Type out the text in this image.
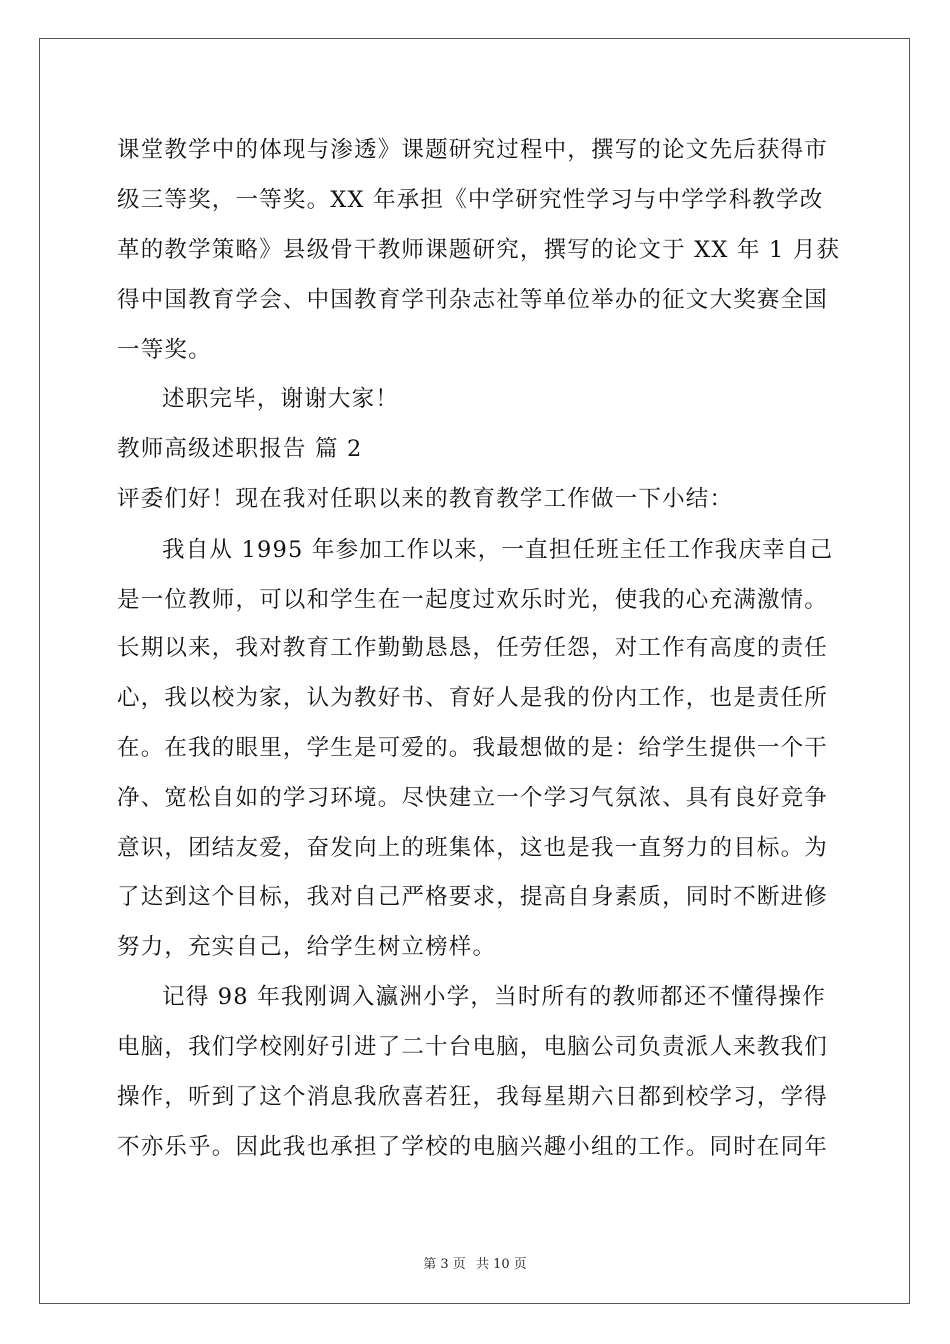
课堂教学中的体现与渗透》课题研究过程中，撰写的论文先后获得市
级三等奖，一等奖。XX 年承担《中学研究性学习与中学学科教学改
革的教学策略》县级骨干教师课题研究，撰写的论文于 XX 年 1 月获
得中国教育学会、中国教育学刊杂志社等单位举办的征文大奖赛全国
一等奖。
述职完毕，谢谢大家！
教师高级述职报告 篇 2
评委们好！现在我对任职以来的教育教学工作做一下小结：
我自从 1995 年参加工作以来，一直担任班主任工作我庆幸自己
是一位教师，可以和学生在一起度过欢乐时光，使我的心充满激情。
长期以来，我对教育工作勤勤恳恳，任劳任怨，对工作有高度的责任
心，我以校为家，认为教好书、育好人是我的份内工作，也是责任所
在。在我的眼里，学生是可爱的。我最想做的是：给学生提供一个干
净、宽松自如的学习环境。尽快建立一个学习气氛浓、具有良好竞争
意识，团结友爱，奋发向上的班集体，这也是我一直努力的目标。为
了达到这个目标，我对自己严格要求，提高自身素质，同时不断进修
努力，充实自己，给学生树立榜样。
记得 98 年我刚调入瀛洲小学，当时所有的教师都还不懂得操作
电脑，我们学校刚好引进了二十台电脑，电脑公司负责派人来教我们
操作，听到了这个消息我欣喜若狂，我每星期六日都到校学习，学得
不亦乐乎。因此我也承担了学校的电脑兴趣小组的工作。同时在同年
第 3 页 共 10 页
